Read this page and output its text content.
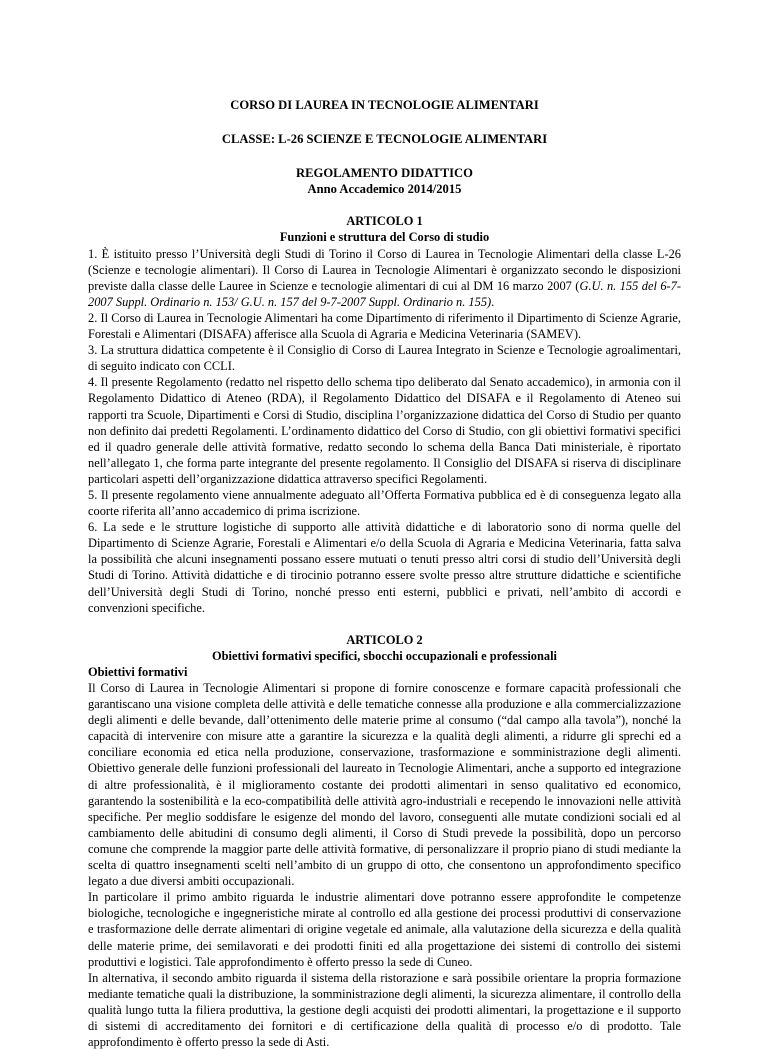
CORSO DI LAUREA IN TECNOLOGIE ALIMENTARI

CLASSE: L-26 SCIENZE E TECNOLOGIE ALIMENTARI

REGOLAMENTO DIDATTICO

Anno Accademico 2014/2015

ARTICOLO 1

Funzioni e struttura del Corso di studio

1. È istituito presso l’Università degli Studi di Torino il Corso di Laurea in Tecnologie Alimentari della classe L-26 (Scienze e tecnologie alimentari). Il Corso di Laurea in Tecnologie Alimentari è organizzato secondo le disposizioni previste dalla classe delle Lauree in Scienze e tecnologie alimentari di cui al DM 16 marzo 2007 (G.U. n. 155 del 6-7-2007 Suppl. Ordinario n. 153/ G.U. n. 157 del 9-7-2007 Suppl. Ordinario n. 155).

2. Il Corso di Laurea in Tecnologie Alimentari ha come Dipartimento di riferimento il Dipartimento di Scienze Agrarie, Forestali e Alimentari (DISAFA) afferisce alla Scuola di Agraria e Medicina Veterinaria (SAMEV).

3. La struttura didattica competente è il Consiglio di Corso di Laurea Integrato in Scienze e Tecnologie agroalimentari, di seguito indicato con CCLI.

4. Il presente Regolamento (redatto nel rispetto dello schema tipo deliberato dal Senato accademico), in armonia con il Regolamento Didattico di Ateneo (RDA), il Regolamento Didattico del DISAFA e il Regolamento di Ateneo sui rapporti tra Scuole, Dipartimenti e Corsi di Studio, disciplina l’organizzazione didattica del Corso di Studio per quanto non definito dai predetti Regolamenti. L’ordinamento didattico del Corso di Studio, con gli obiettivi formativi specifici ed il quadro generale delle attività formative, redatto secondo lo schema della Banca Dati ministeriale, è riportato nell’allegato 1, che forma parte integrante del presente regolamento. Il Consiglio del DISAFA si riserva di disciplinare particolari aspetti dell’organizzazione didattica attraverso specifici Regolamenti.

5. Il presente regolamento viene annualmente adeguato all’Offerta Formativa pubblica ed è di conseguenza legato alla coorte riferita all’anno accademico di prima iscrizione.

6. La sede e le strutture logistiche di supporto alle attività didattiche e di laboratorio sono di norma quelle del Dipartimento di Scienze Agrarie, Forestali e Alimentari e/o della Scuola di Agraria e Medicina Veterinaria, fatta salva la possibilità che alcuni insegnamenti possano essere mutuati o tenuti presso altri corsi di studio dell’Università degli Studi di Torino. Attività didattiche e di tirocinio potranno essere svolte presso altre strutture didattiche e scientifiche dell’Università degli Studi di Torino, nonché presso enti esterni, pubblici e privati, nell’ambito di accordi e convenzioni specifiche.

ARTICOLO 2

Obiettivi formativi specifici, sbocchi occupazionali e professionali

Obiettivi formativi

Il Corso di Laurea in Tecnologie Alimentari si propone di fornire conoscenze e formare capacità professionali che garantiscano una visione completa delle attività e delle tematiche connesse alla produzione e alla commercializzazione degli alimenti e delle bevande, dall’ottenimento delle materie prime al consumo (“dal campo alla tavola”), nonché la capacità di intervenire con misure atte a garantire la sicurezza e la qualità degli alimenti, a ridurre gli sprechi ed a conciliare economia ed etica nella produzione, conservazione, trasformazione e somministrazione degli alimenti. Obiettivo generale delle funzioni professionali del laureato in Tecnologie Alimentari, anche a supporto ed integrazione di altre professionalità, è il miglioramento costante dei prodotti alimentari in senso qualitativo ed economico, garantendo la sostenibilità e la eco-compatibilità delle attività agro-industriali e recependo le innovazioni nelle attività specifiche. Per meglio soddisfare le esigenze del mondo del lavoro, conseguenti alle mutate condizioni sociali ed al cambiamento delle abitudini di consumo degli alimenti, il Corso di Studi prevede la possibilità, dopo un percorso comune che comprende la maggior parte delle attività formative, di personalizzare il proprio piano di studi mediante la scelta di quattro insegnamenti scelti nell’ambito di un gruppo di otto, che consentono un approfondimento specifico legato a due diversi ambiti occupazionali.

In particolare il primo ambito riguarda le industrie alimentari dove potranno essere approfondite le competenze biologiche, tecnologiche e ingegneristiche mirate al controllo ed alla gestione dei processi produttivi di conservazione e trasformazione delle derrate alimentari di origine vegetale ed animale, alla valutazione della sicurezza e della qualità delle materie prime, dei semilavorati e dei prodotti finiti ed alla progettazione dei sistemi di controllo dei sistemi produttivi e logistici. Tale approfondimento è offerto presso la sede di Cuneo.

In alternativa, il secondo ambito riguarda il sistema della ristorazione e sarà possibile orientare la propria formazione mediante tematiche quali la distribuzione, la somministrazione degli alimenti, la sicurezza alimentare, il controllo della qualità lungo tutta la filiera produttiva, la gestione degli acquisti dei prodotti alimentari, la progettazione e il supporto di sistemi di accreditamento dei fornitori e di certificazione della qualità di processo e/o di prodotto. Tale approfondimento è offerto presso la sede di Asti.
